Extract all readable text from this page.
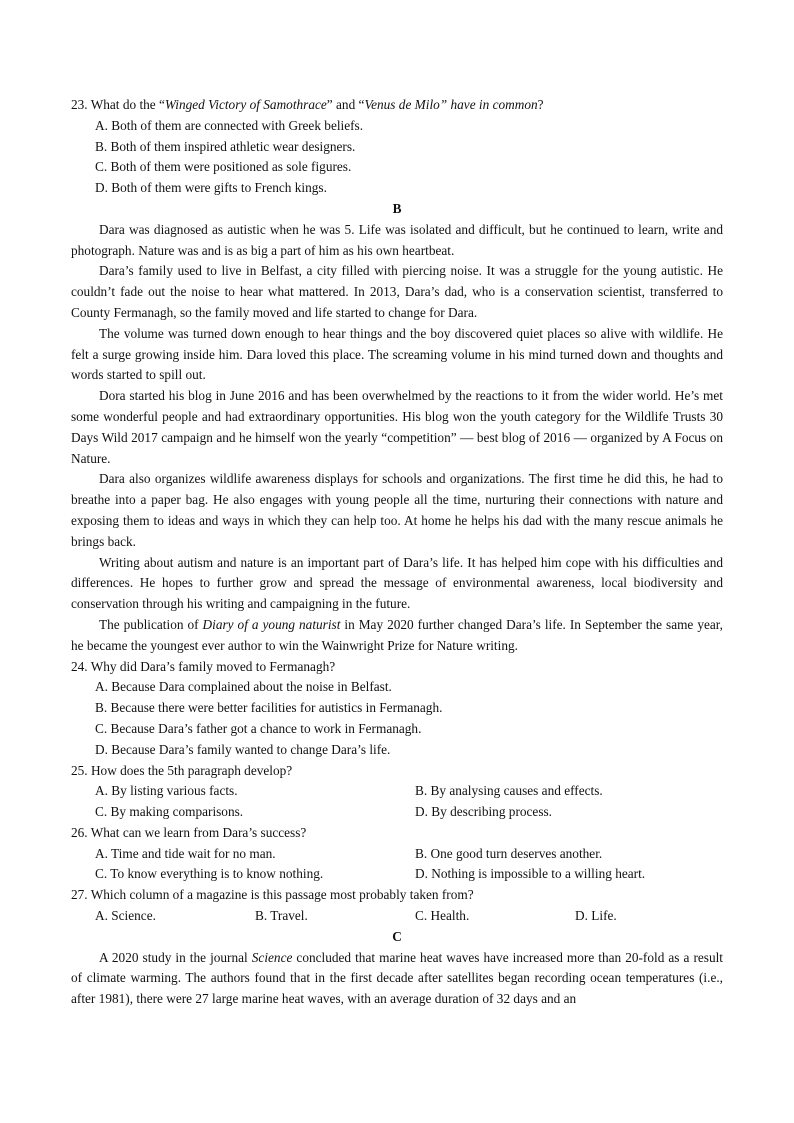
23. What do the “Winged Victory of Samothrace” and “Venus de Milo” have in common?

A. Both of them are connected with Greek beliefs.

B. Both of them inspired athletic wear designers.

C. Both of them were positioned as sole figures.

D. Both of them were gifts to French kings.

B

Dara was diagnosed as autistic when he was 5. Life was isolated and difficult, but he continued to learn, write and photograph. Nature was and is as big a part of him as his own heartbeat.

Dara’s family used to live in Belfast, a city filled with piercing noise. It was a struggle for the young autistic. He couldn’t fade out the noise to hear what mattered. In 2013, Dara’s dad, who is a conservation scientist, transferred to County Fermanagh, so the family moved and life started to change for Dara.

The volume was turned down enough to hear things and the boy discovered quiet places so alive with wildlife. He felt a surge growing inside him. Dara loved this place. The screaming volume in his mind turned down and thoughts and words started to spill out.

Dora started his blog in June 2016 and has been overwhelmed by the reactions to it from the wider world. He’s met some wonderful people and had extraordinary opportunities. His blog won the youth category for the Wildlife Trusts 30 Days Wild 2017 campaign and he himself won the yearly “competition” — best blog of 2016 — organized by A Focus on Nature.

Dara also organizes wildlife awareness displays for schools and organizations. The first time he did this, he had to breathe into a paper bag. He also engages with young people all the time, nurturing their connections with nature and exposing them to ideas and ways in which they can help too. At home he helps his dad with the many rescue animals he brings back.

Writing about autism and nature is an important part of Dara’s life. It has helped him cope with his difficulties and differences. He hopes to further grow and spread the message of environmental awareness, local biodiversity and conservation through his writing and campaigning in the future.

The publication of Diary of a young naturist in May 2020 further changed Dara’s life. In September the same year, he became the youngest ever author to win the Wainwright Prize for Nature writing.

24. Why did Dara’s family moved to Fermanagh?

A. Because Dara complained about the noise in Belfast.

B. Because there were better facilities for autistics in Fermanagh.

C. Because Dara’s father got a chance to work in Fermanagh.

D. Because Dara’s family wanted to change Dara’s life.

25. How does the 5th paragraph develop?

A. By listing various facts.	B. By analysing causes and effects.
C. By making comparisons.	D. By describing process.

26. What can we learn from Dara’s success?

A. Time and tide wait for no man.	B. One good turn deserves another.
C. To know everything is to know nothing.	D. Nothing is impossible to a willing heart.

27. Which column of a magazine is this passage most probably taken from?

A. Science.	B. Travel.	C. Health.	D. Life.

C

A 2020 study in the journal Science concluded that marine heat waves have increased more than 20-fold as a result of climate warming. The authors found that in the first decade after satellites began recording ocean temperatures (i.e., after 1981), there were 27 large marine heat waves, with an average duration of 32 days and an
